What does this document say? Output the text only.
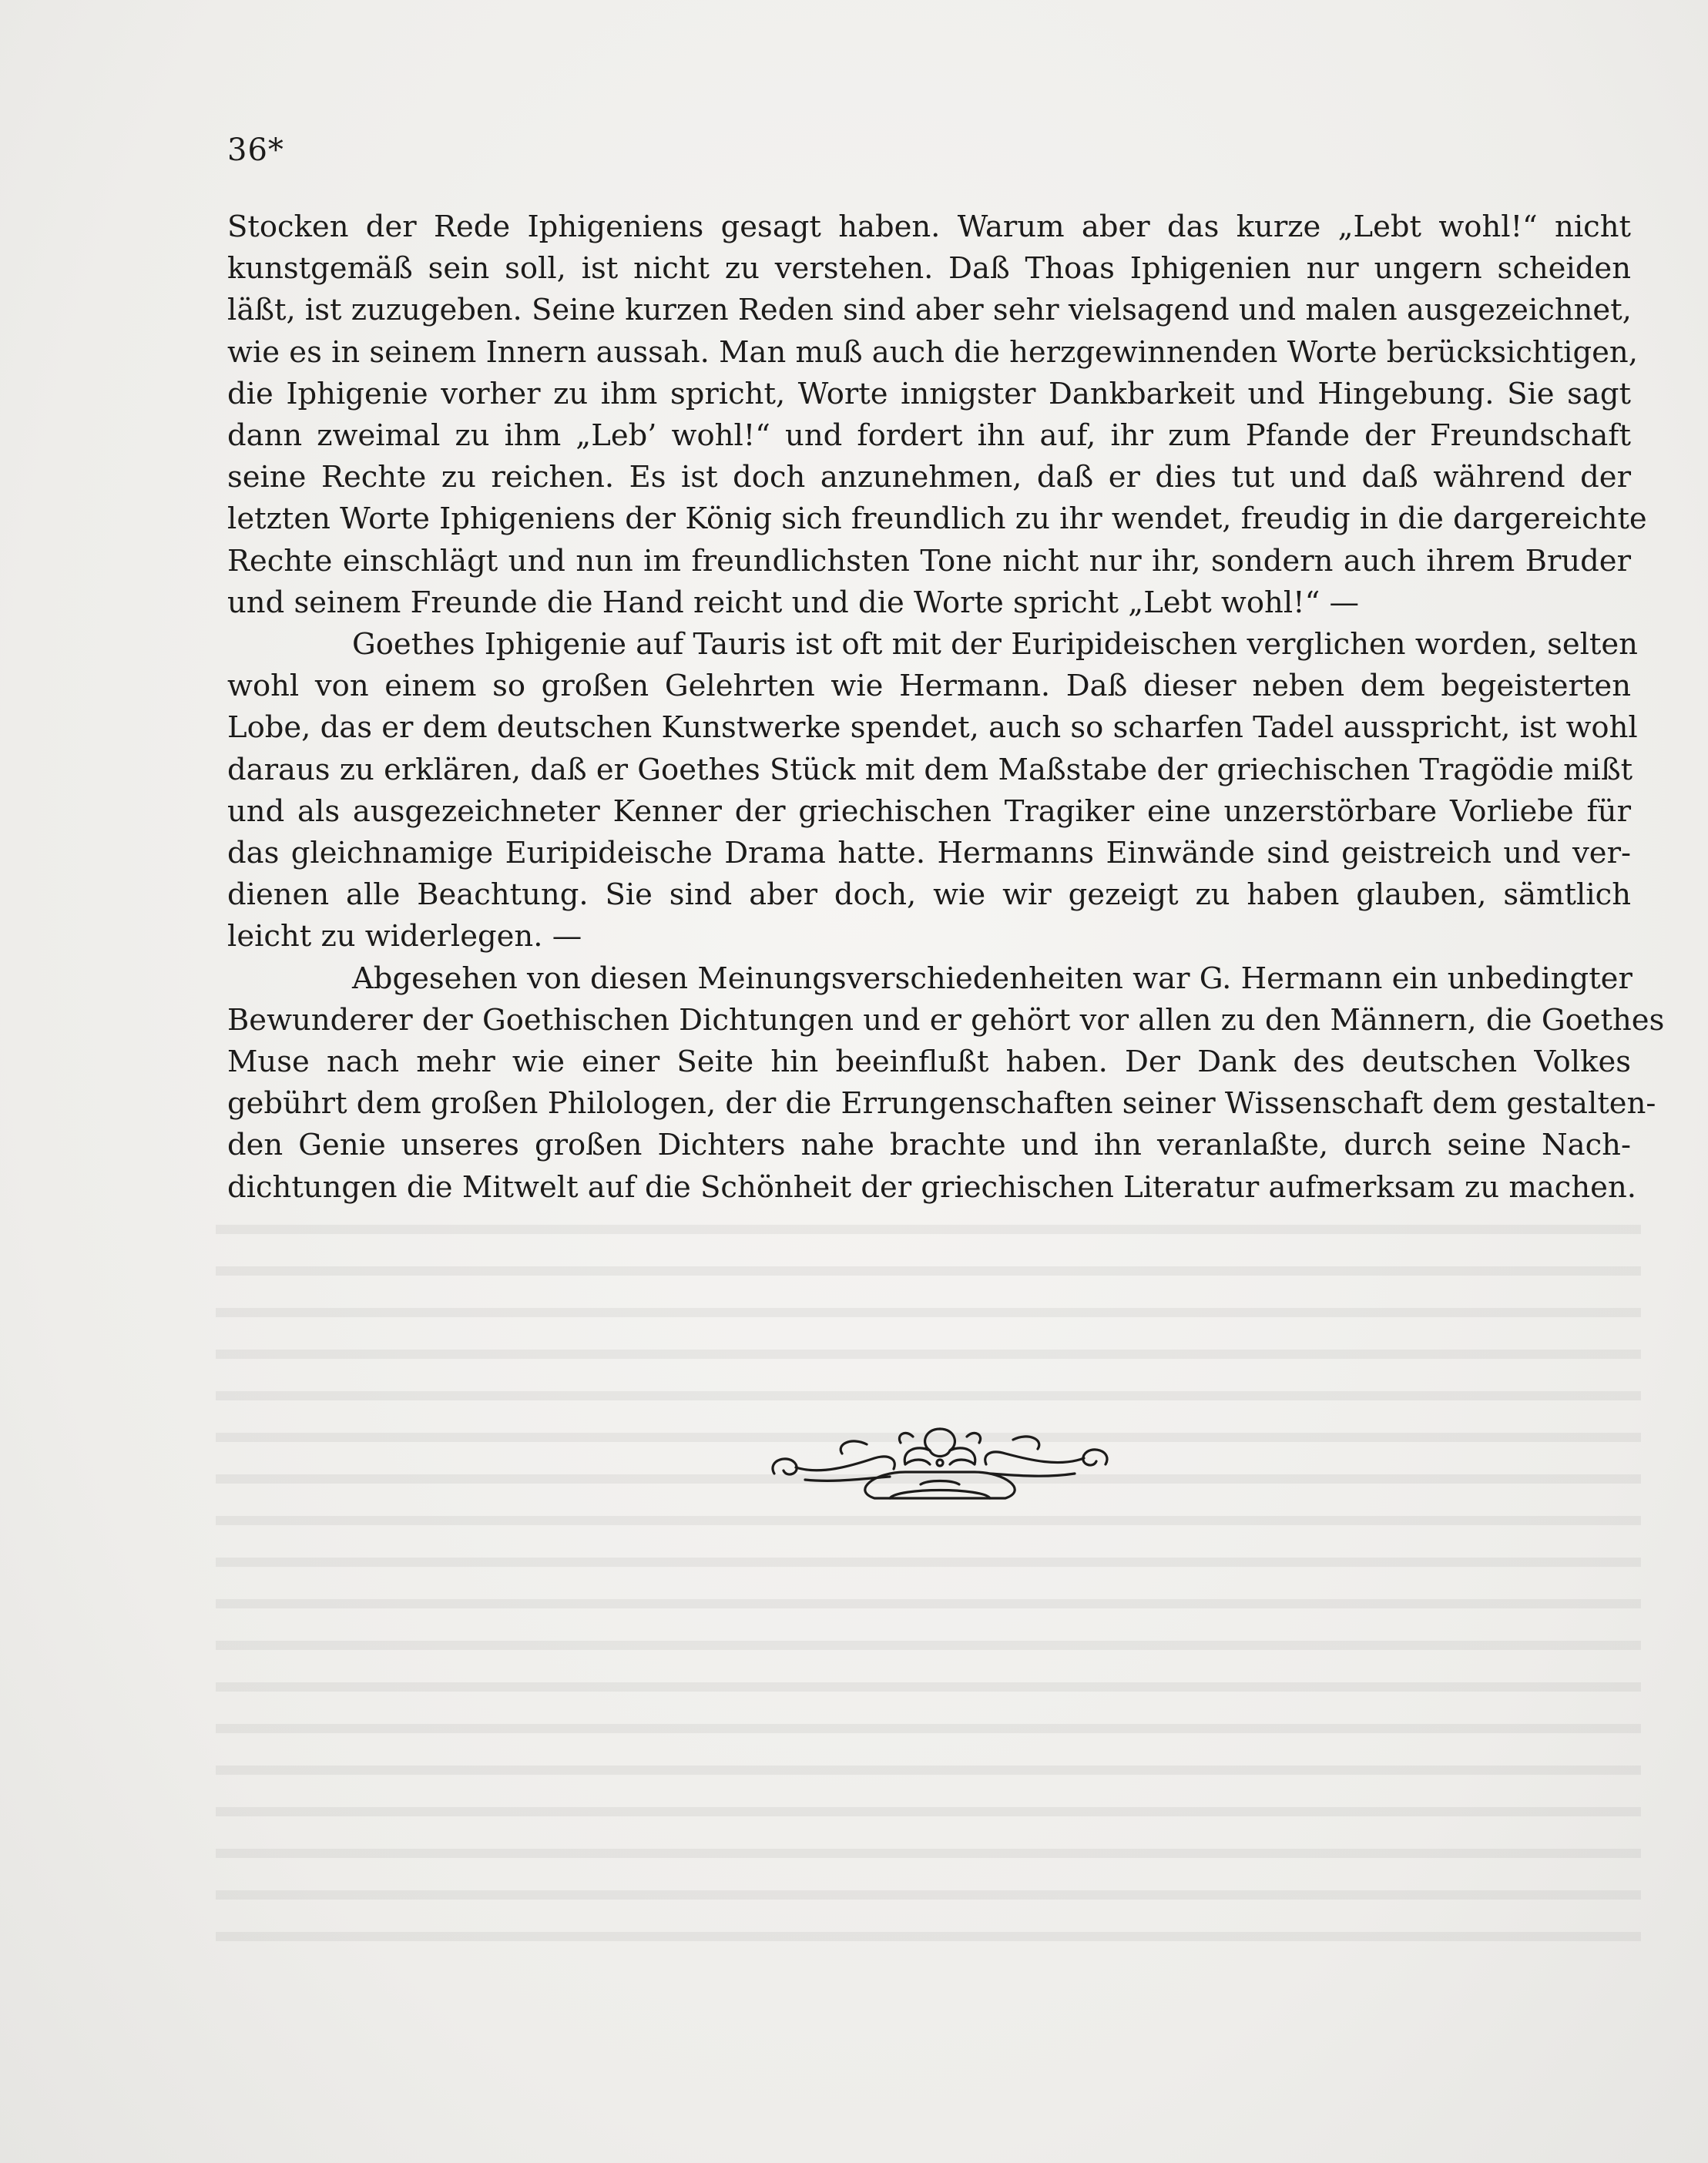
36*

Stocken der Rede Iphigeniens gesagt haben. Warum aber das kurze „Lebt wohl!“ nicht
kunstgemäß sein soll, ist nicht zu verstehen. Daß Thoas Iphigenien nur ungern scheiden
läßt, ist zuzugeben. Seine kurzen Reden sind aber sehr vielsagend und malen ausgezeichnet,
wie es in seinem Innern aussah. Man muß auch die herzgewinnenden Worte berücksichtigen,
die Iphigenie vorher zu ihm spricht, Worte innigster Dankbarkeit und Hingebung. Sie sagt
dann zweimal zu ihm „Leb’ wohl!“ und fordert ihn auf, ihr zum Pfande der Freundschaft
seine Rechte zu reichen. Es ist doch anzunehmen, daß er dies tut und daß während der
letzten Worte Iphigeniens der König sich freundlich zu ihr wendet, freudig in die dargereichte
Rechte einschlägt und nun im freundlichsten Tone nicht nur ihr, sondern auch ihrem Bruder
und seinem Freunde die Hand reicht und die Worte spricht „Lebt wohl!“ —

Goethes Iphigenie auf Tauris ist oft mit der Euripideischen verglichen worden, selten
wohl von einem so großen Gelehrten wie Hermann. Daß dieser neben dem begeisterten
Lobe, das er dem deutschen Kunstwerke spendet, auch so scharfen Tadel ausspricht, ist wohl
daraus zu erklären, daß er Goethes Stück mit dem Maßstabe der griechischen Tragödie mißt
und als ausgezeichneter Kenner der griechischen Tragiker eine unzerstörbare Vorliebe für
das gleichnamige Euripideische Drama hatte. Hermanns Einwände sind geistreich und ver-
dienen alle Beachtung. Sie sind aber doch, wie wir gezeigt zu haben glauben, sämtlich
leicht zu widerlegen. —

Abgesehen von diesen Meinungsverschiedenheiten war G. Hermann ein unbedingter
Bewunderer der Goethischen Dichtungen und er gehört vor allen zu den Männern, die Goethes
Muse nach mehr wie einer Seite hin beeinflußt haben. Der Dank des deutschen Volkes
gebührt dem großen Philologen, der die Errungenschaften seiner Wissenschaft dem gestalten-
den Genie unseres großen Dichters nahe brachte und ihn veranlaßte, durch seine Nach-
dichtungen die Mitwelt auf die Schönheit der griechischen Literatur aufmerksam zu machen.
